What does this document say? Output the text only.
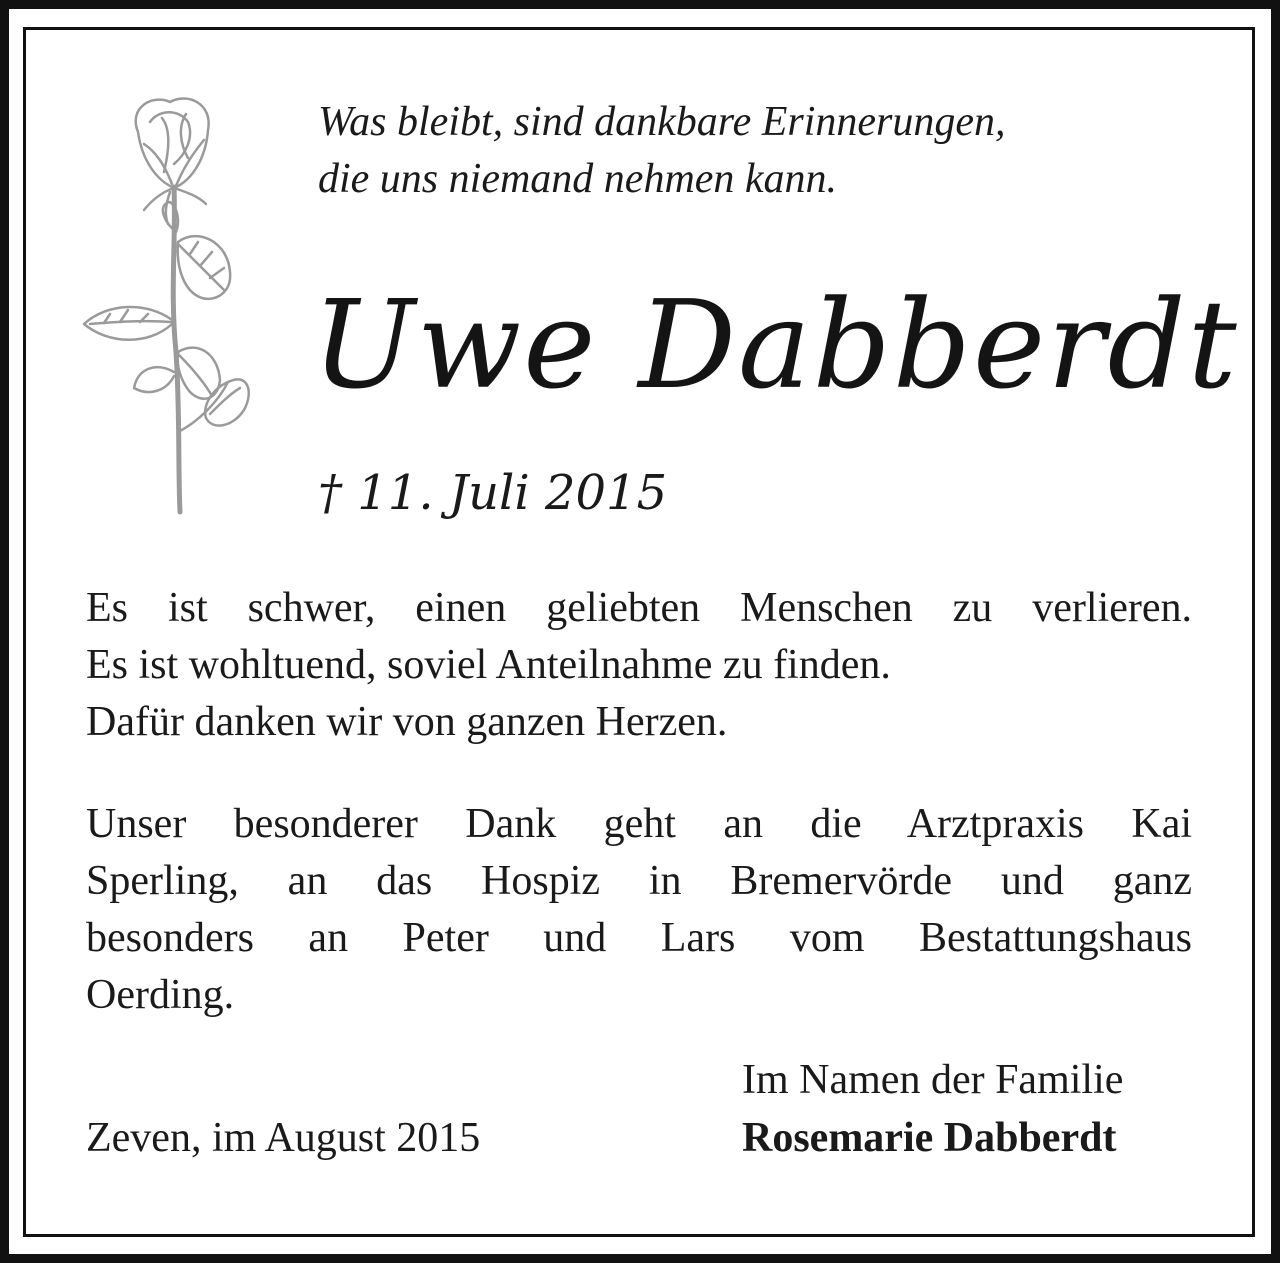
Was bleibt, sind dankbare Erinnerungen,
die uns niemand nehmen kann.
Uwe Dabberdt
† 11. Juli 2015
Es ist schwer, einen geliebten Menschen zu verlieren.
Es ist wohltuend, soviel Anteilnahme zu finden.
Dafür danken wir von ganzen Herzen.
Unser besonderer Dank geht an die Arztpraxis Kai
Sperling, an das Hospiz in Bremervörde und ganz
besonders an Peter und Lars vom Bestattungshaus
Oerding.
Zeven, im August 2015
Im Namen der Familie
Rosemarie Dabberdt
